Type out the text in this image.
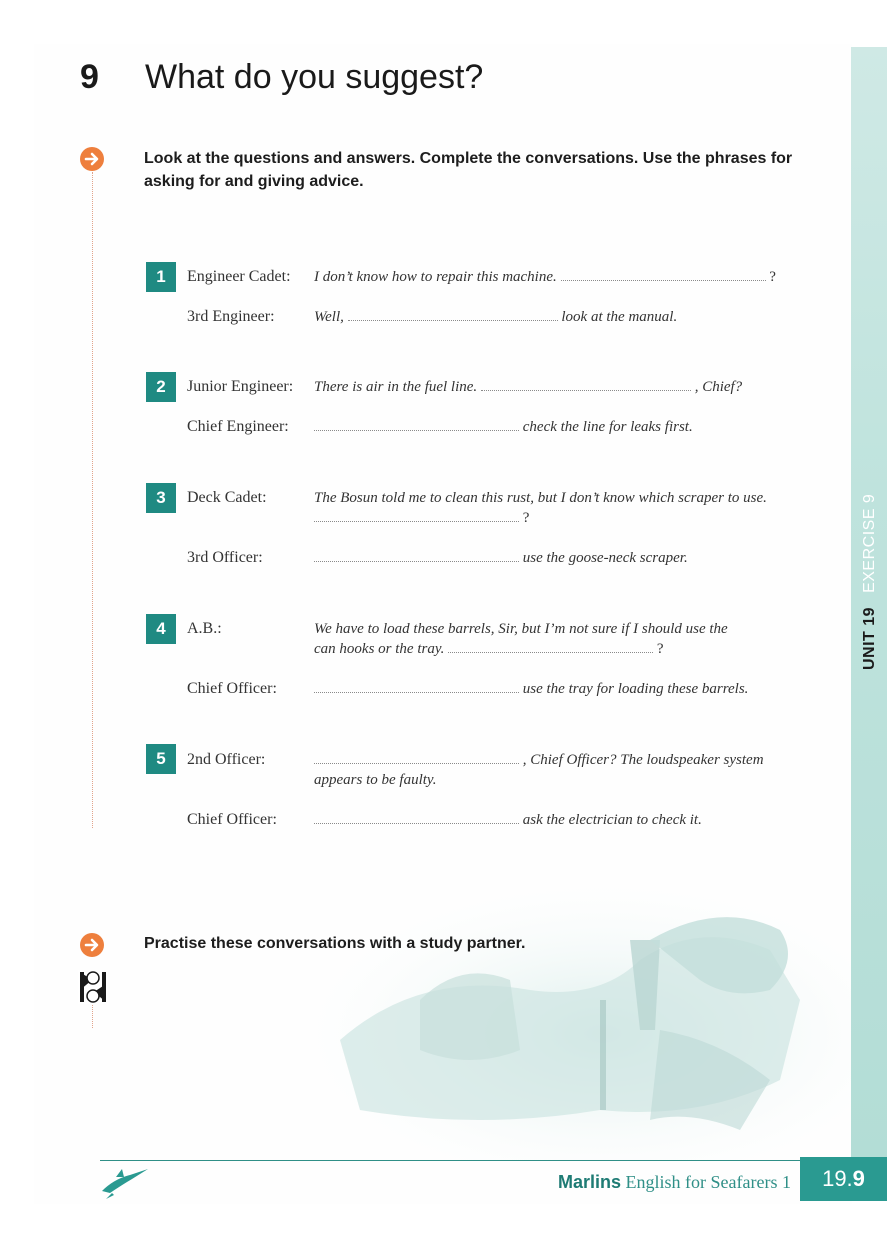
UNIT 19EXERCISE 9
9 What do you suggest?
Look at the questions and answers. Complete the conversations. Use the phrases for asking for and giving advice.
1	Engineer Cadet: I don’t know how to repair this machine.	?
3rd Engineer:	Well,	look at the manual.
2	Junior Engineer: There is air in the fuel line.	, Chief?
Chief Engineer:	check the line for leaks first.
3	Deck Cadet:	The Bosun told me to clean this rust, but I don’t know which scraper to use.
?
3rd Officer:	use the goose-neck scraper.
4	A.B.:	We have to load these barrels, Sir, but I’m not sure if I should use the
can hooks or the tray.	?
Chief Officer:	use the tray for loading these barrels.
5	2nd Officer:	, Chief Officer? The loudspeaker system
appears to be faulty.
Chief Officer:	ask the electrician to check it.
Practise these conversations with a study partner.
Marlins English for Seafarers 1	19.9
